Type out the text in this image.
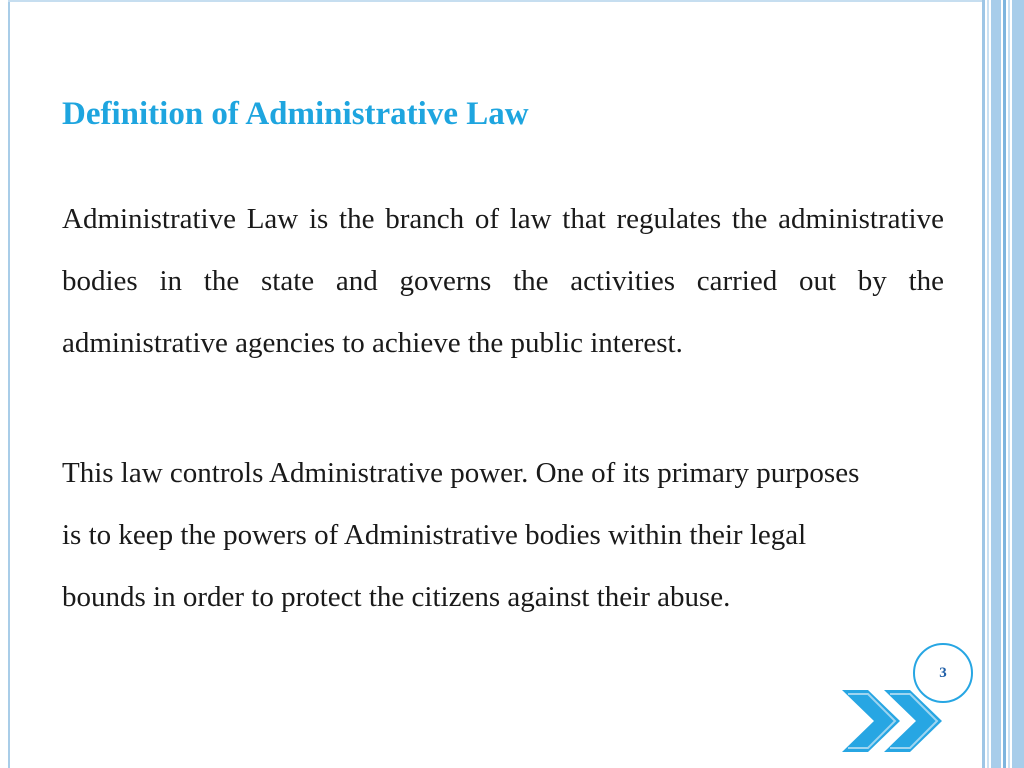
Definition of Administrative Law
Administrative Law is the branch of law that regulates the administrative bodies in the state and governs the activities carried out by the administrative agencies to achieve the public interest.
This law controls Administrative power. One of its primary purposes is to keep the powers of Administrative bodies within their legal bounds in order to protect the citizens against their abuse.
3
